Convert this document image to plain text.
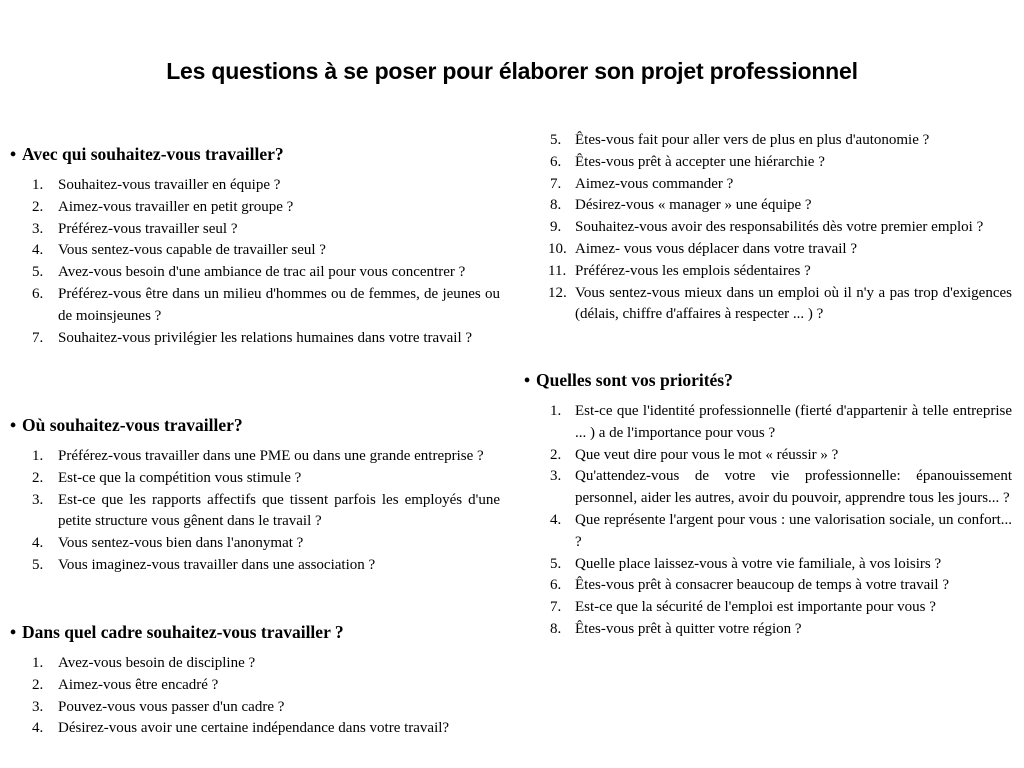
Les questions à se poser pour élaborer son projet professionnel
• Avec qui souhaitez-vous travailler?
1. Souhaitez-vous travailler en équipe ?
2. Aimez-vous travailler en petit groupe ?
3. Préférez-vous travailler seul ?
4. Vous sentez-vous capable de travailler seul ?
5. Avez-vous besoin d'une ambiance de trac ail pour vous concentrer ?
6. Préférez-vous être dans un milieu d'hommes ou de femmes, de jeunes ou de moinsjeunes ?
7. Souhaitez-vous privilégier les relations humaines dans votre travail ?
• Où souhaitez-vous travailler?
1. Préférez-vous travailler dans une PME ou dans une grande entreprise ?
2. Est-ce que la compétition vous stimule ?
3. Est-ce que les rapports affectifs que tissent parfois les employés d'une petite structure vous gênent dans le travail ?
4. Vous sentez-vous bien dans l'anonymat ?
5. Vous imaginez-vous travailler dans une association ?
• Dans quel cadre souhaitez-vous travailler ?
1. Avez-vous besoin de discipline ?
2. Aimez-vous être encadré ?
3. Pouvez-vous vous passer d'un cadre ?
4. Désirez-vous avoir une certaine indépendance dans votre travail?
5. Êtes-vous fait pour aller vers de plus en plus d'autonomie ?
6. Êtes-vous prêt à accepter une hiérarchie ?
7. Aimez-vous commander ?
8. Désirez-vous « manager » une équipe ?
9. Souhaitez-vous avoir des responsabilités dès votre premier emploi ?
10. Aimez- vous vous déplacer dans votre travail ?
11. Préférez-vous les emplois sédentaires ?
12. Vous sentez-vous mieux dans un emploi où il n'y a pas trop d'exigences (délais, chiffre d'affaires à respecter ... ) ?
• Quelles sont vos priorités?
1. Est-ce que l'identité professionnelle (fierté d'appartenir à telle entreprise ... ) a de l'importance pour vous ?
2. Que veut dire pour vous le mot « réussir » ?
3. Qu'attendez-vous de votre vie professionnelle: épanouissement personnel, aider les autres, avoir du pouvoir, apprendre tous les jours... ?
4. Que représente l'argent pour vous : une valorisation sociale, un confort... ?
5. Quelle place laissez-vous à votre vie familiale, à vos loisirs ?
6. Êtes-vous prêt à consacrer beaucoup de temps à votre travail ?
7. Est-ce que la sécurité de l'emploi est importante pour vous ?
8. Êtes-vous prêt à quitter votre région ?
